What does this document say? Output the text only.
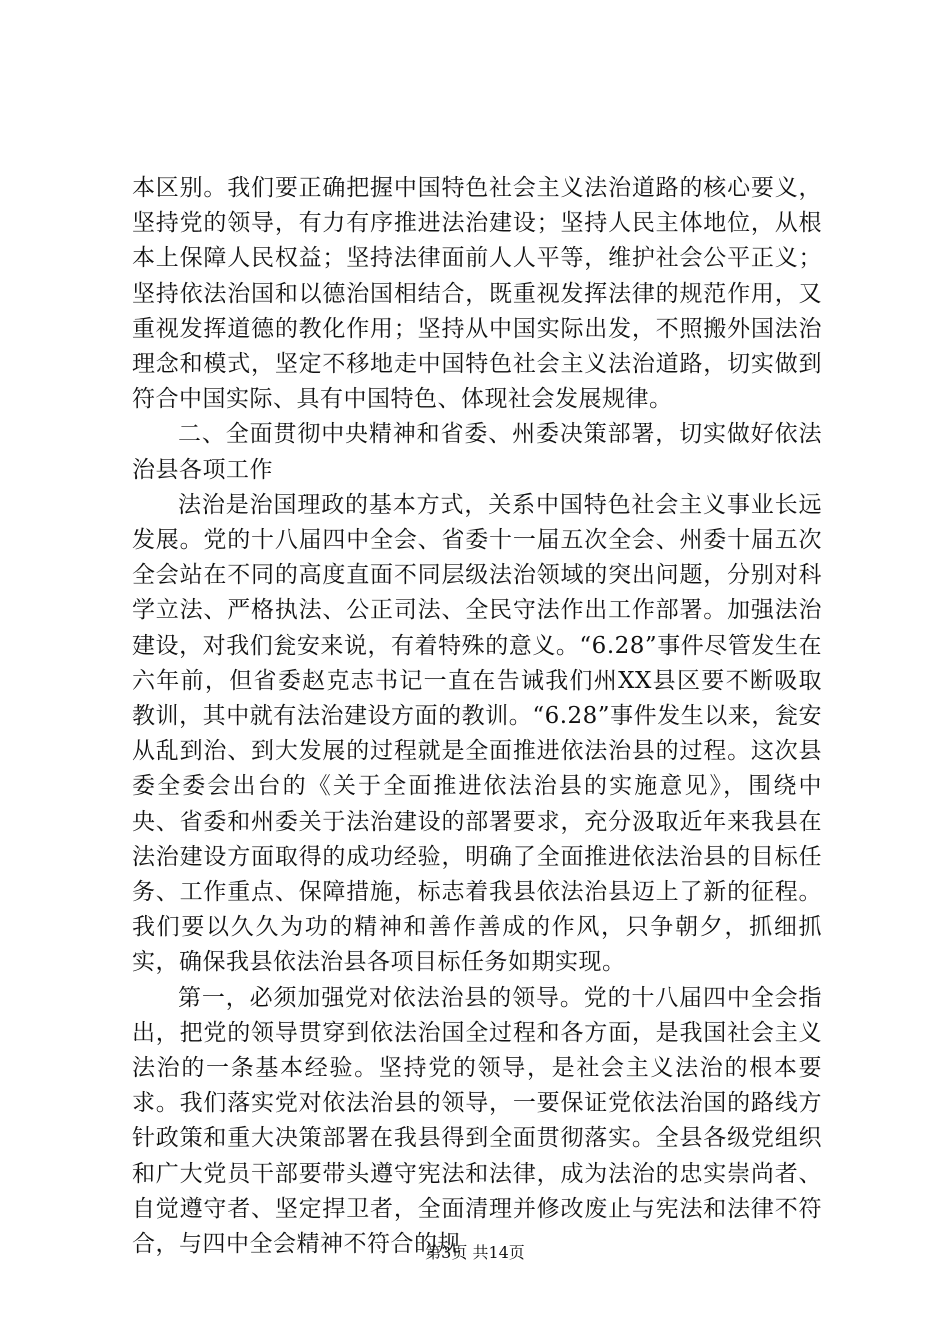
本区别。我们要正确把握中国特色社会主义法治道路的核心要义，坚持党的领导，有力有序推进法治建设；坚持人民主体地位，从根本上保障人民权益；坚持法律面前人人平等，维护社会公平正义；坚持依法治国和以德治国相结合，既重视发挥法律的规范作用，又重视发挥道德的教化作用；坚持从中国实际出发，不照搬外国法治理念和模式，坚定不移地走中国特色社会主义法治道路，切实做到符合中国实际、具有中国特色、体现社会发展规律。

二、全面贯彻中央精神和省委、州委决策部署，切实做好依法治县各项工作

法治是治国理政的基本方式，关系中国特色社会主义事业长远发展。党的十八届四中全会、省委十一届五次全会、州委十届五次全会站在不同的高度直面不同层级法治领域的突出问题，分别对科学立法、严格执法、公正司法、全民守法作出工作部署。加强法治建设，对我们瓮安来说，有着特殊的意义。“6.28”事件尽管发生在六年前，但省委赵克志书记一直在告诫我们州XX县区要不断吸取教训，其中就有法治建设方面的教训。“6.28”事件发生以来，瓮安从乱到治、到大发展的过程就是全面推进依法治县的过程。这次县委全委会出台的《关于全面推进依法治县的实施意见》，围绕中央、省委和州委关于法治建设的部署要求，充分汲取近年来我县在法治建设方面取得的成功经验，明确了全面推进依法治县的目标任务、工作重点、保障措施，标志着我县依法治县迈上了新的征程。我们要以久久为功的精神和善作善成的作风，只争朝夕，抓细抓实，确保我县依法治县各项目标任务如期实现。

第一，必须加强党对依法治县的领导。党的十八届四中全会指出，把党的领导贯穿到依法治国全过程和各方面，是我国社会主义法治的一条基本经验。坚持党的领导，是社会主义法治的根本要求。我们落实党对依法治县的领导，一要保证党依法治国的路线方针政策和重大决策部署在我县得到全面贯彻落实。全县各级党组织和广大党员干部要带头遵守宪法和法律，成为法治的忠实崇尚者、自觉遵守者、坚定捍卫者，全面清理并修改废止与宪法和法律不符合，与四中全会精神不符合的规

第3页 共14页
